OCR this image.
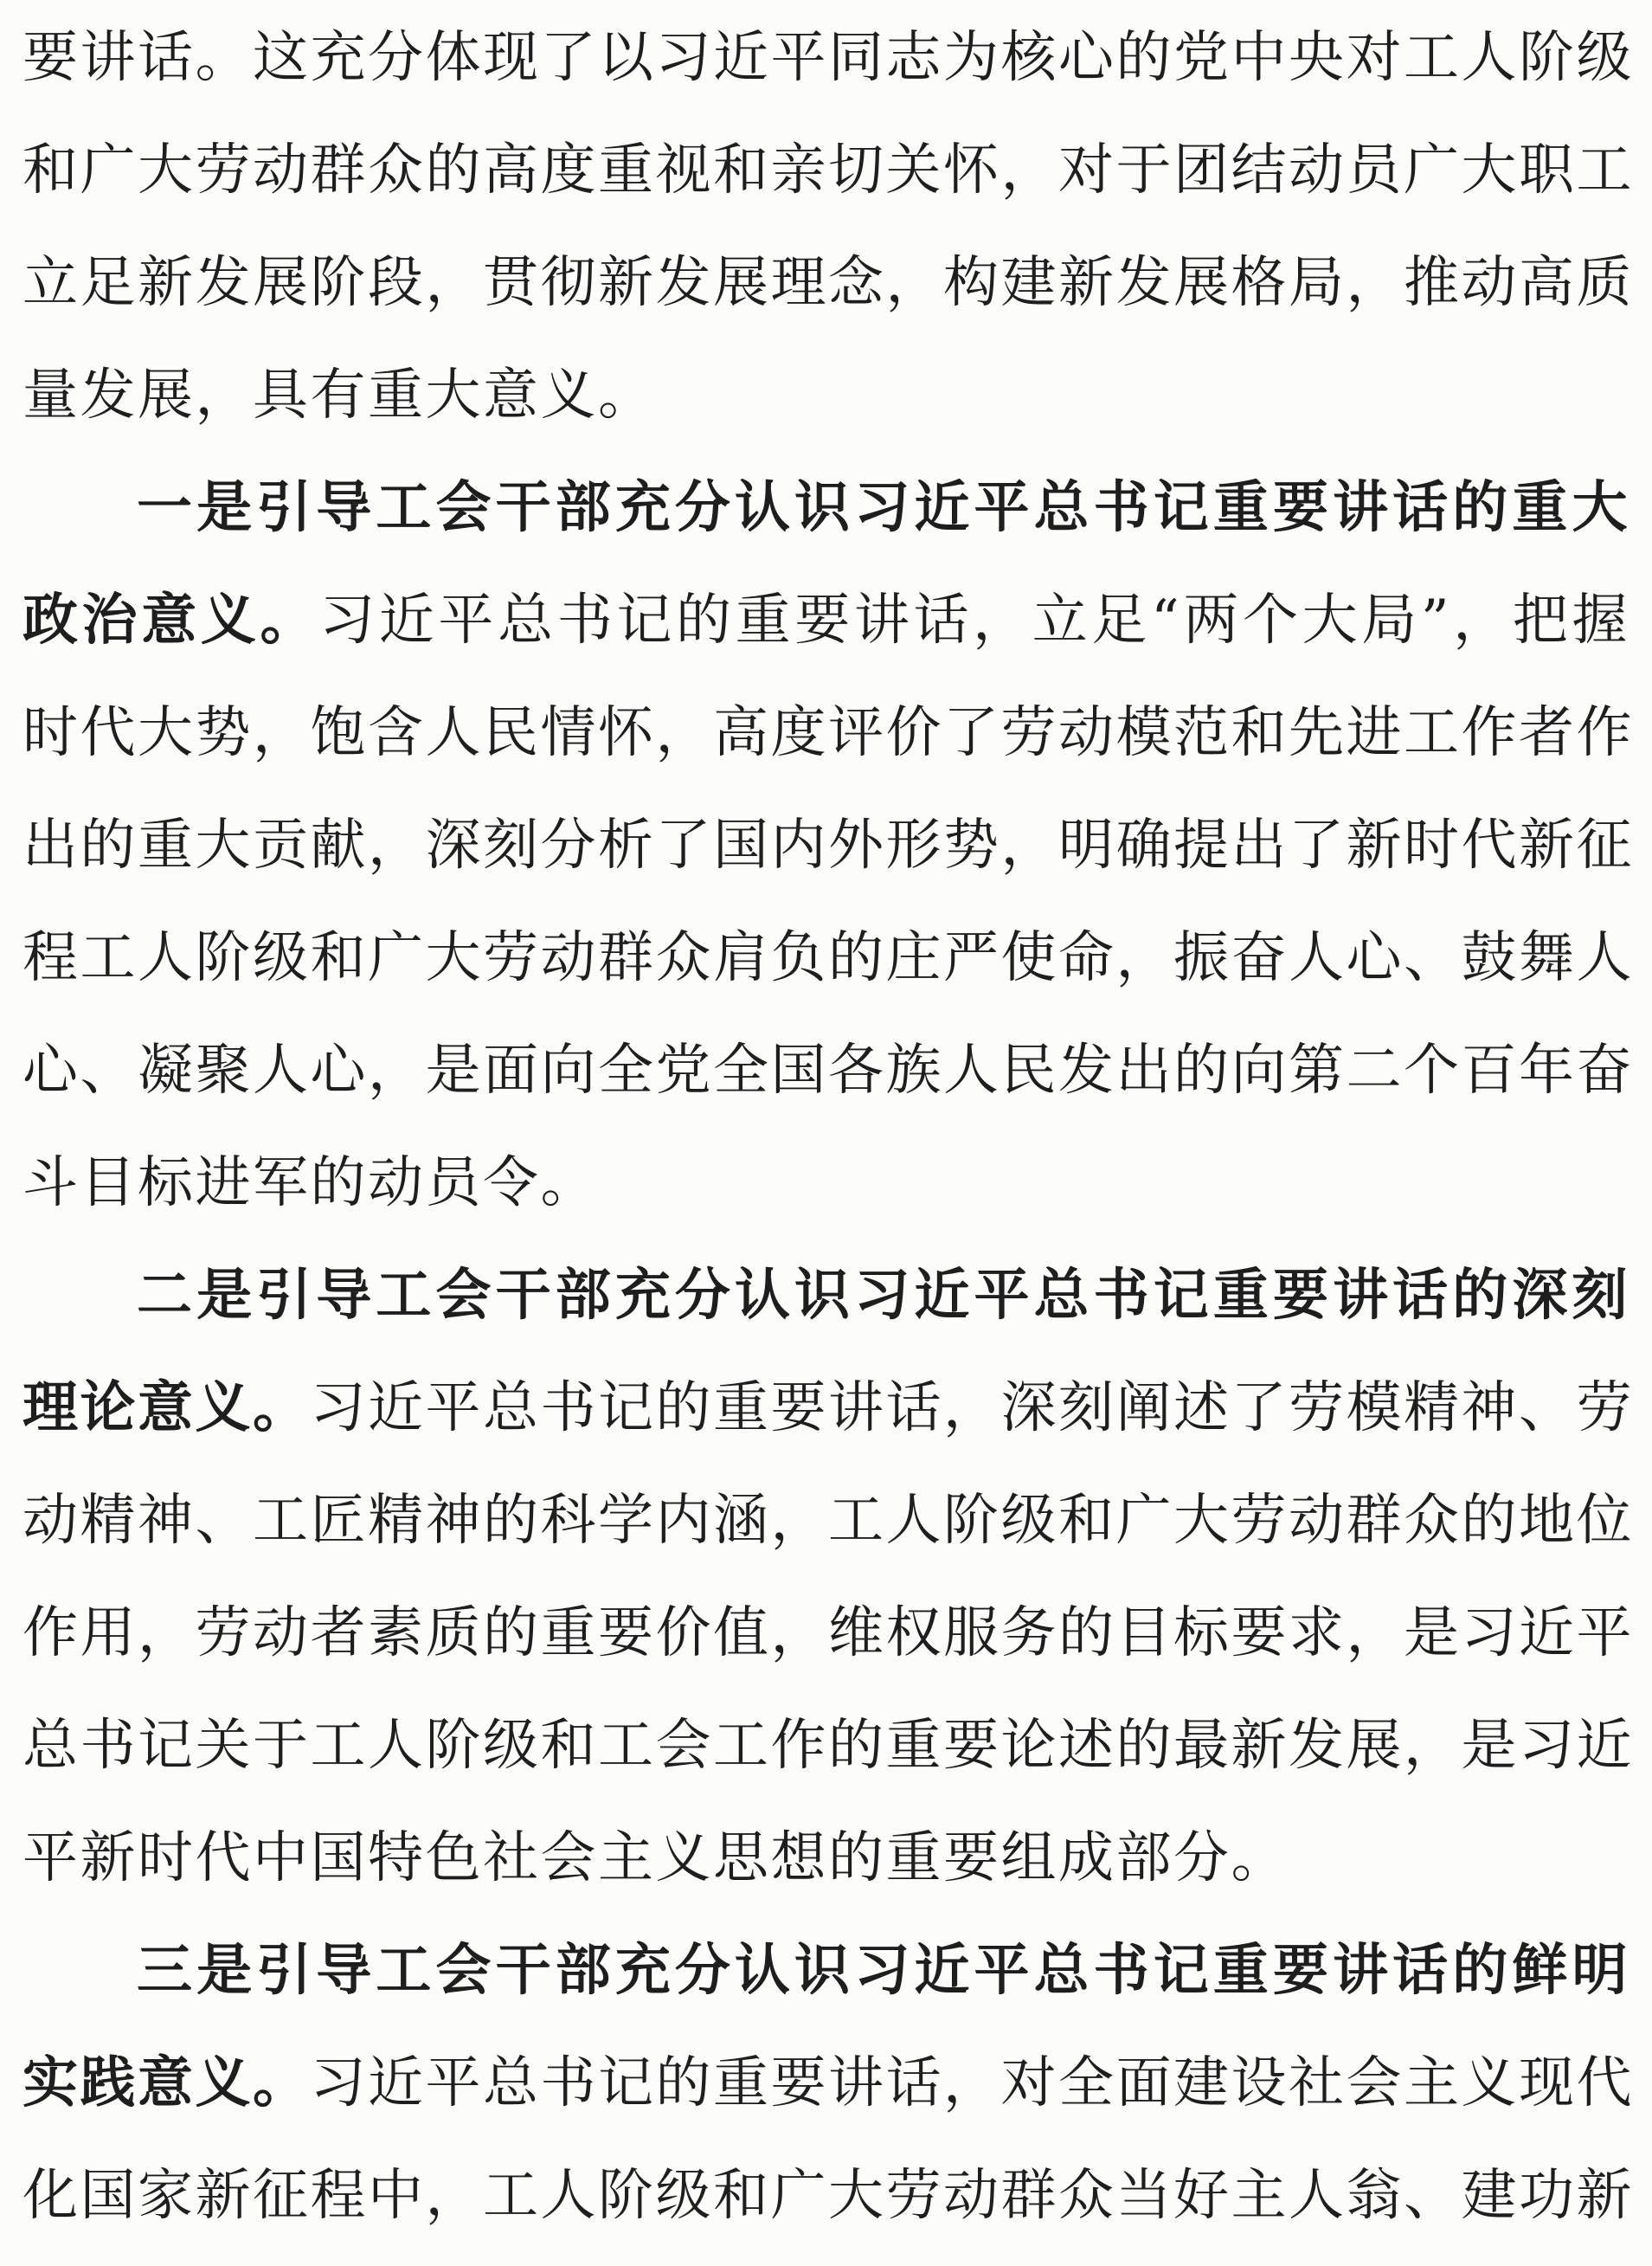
要讲话。这充分体现了以习近平同志为核心的党中央对工人阶级
和广大劳动群众的高度重视和亲切关怀，对于团结动员广大职工
立足新发展阶段，贯彻新发展理念，构建新发展格局，推动高质
量发展，具有重大意义。
一是引导工会干部充分认识习近平总书记重要讲话的重大
政治意义。习近平总书记的重要讲话，立足“两个大局”，把握
时代大势，饱含人民情怀，高度评价了劳动模范和先进工作者作
出的重大贡献，深刻分析了国内外形势，明确提出了新时代新征
程工人阶级和广大劳动群众肩负的庄严使命，振奋人心、鼓舞人
心、凝聚人心，是面向全党全国各族人民发出的向第二个百年奋
斗目标进军的动员令。
二是引导工会干部充分认识习近平总书记重要讲话的深刻
理论意义。习近平总书记的重要讲话，深刻阐述了劳模精神、劳
动精神、工匠精神的科学内涵，工人阶级和广大劳动群众的地位
作用，劳动者素质的重要价值，维权服务的目标要求，是习近平
总书记关于工人阶级和工会工作的重要论述的最新发展，是习近
平新时代中国特色社会主义思想的重要组成部分。
三是引导工会干部充分认识习近平总书记重要讲话的鲜明
实践意义。习近平总书记的重要讲话，对全面建设社会主义现代
化国家新征程中，工人阶级和广大劳动群众当好主人翁、建功新
